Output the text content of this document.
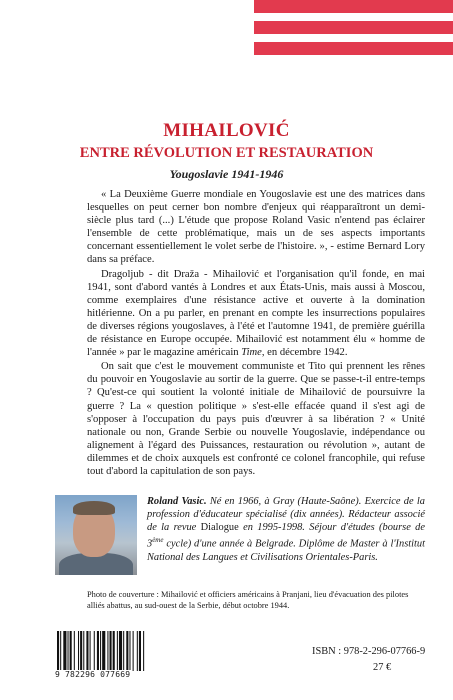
MIHAILOVIĆ
ENTRE RÉVOLUTION ET RESTAURATION
Yougoslavie 1941-1946

« La Deuxième Guerre mondiale en Yougoslavie est une des matrices dans lesquelles on peut cerner bon nombre d'enjeux qui réapparaîtront un demi-siècle plus tard (...) L'étude que propose Roland Vasic n'entend pas éclairer l'ensemble de cette problématique, mais un de ses aspects importants concernant essentiellement le volet serbe de l'histoire. », - estime Bernard Lory dans sa préface.

Dragoljub - dit Draža - Mihailović et l'organisation qu'il fonde, en mai 1941, sont d'abord vantés à Londres et aux États-Unis, mais aussi à Moscou, comme exemplaires d'une résistance active et ouverte à la domination hitlérienne. On a pu parler, en prenant en compte les insurrections populaires de diverses régions yougoslaves, à l'été et l'automne 1941, de première guérilla de résistance en Europe occupée. Mihailović est notamment élu « homme de l'année » par le magazine américain Time, en décembre 1942.

On sait que c'est le mouvement communiste et Tito qui prennent les rênes du pouvoir en Yougoslavie au sortir de la guerre. Que se passe-t-il entre-temps ? Qu'est-ce qui soutient la volonté initiale de Mihailović de poursuivre la guerre ? La « question politique » s'est-elle effacée quand il s'est agi de s'opposer à l'occupation du pays puis d'œuvrer à sa libération ? « Unité nationale ou non, Grande Serbie ou nouvelle Yougoslavie, indépendance ou alignement à l'égard des Puissances, restauration ou révolution », autant de dilemmes et de choix auxquels est confronté ce colonel francophile, qui refuse tout d'abord la capitulation de son pays.

Roland Vasic. Né en 1966, à Gray (Haute-Saône). Exercice de la profession d'éducateur spécialisé (dix années). Rédacteur associé de la revue Dialogue en 1995-1998. Séjour d'études (bourse de 3ème cycle) d'une année à Belgrade. Diplôme de Master à l'Institut National des Langues et Civilisations Orientales-Paris.
Photo de couverture : Mihailović et officiers américains à Pranjani, lieu d'évacuation des pilotes alliés abattus, au sud-ouest de la Serbie, début octobre 1944.
9 782296 077669
ISBN : 978-2-296-07766-9
27 €
